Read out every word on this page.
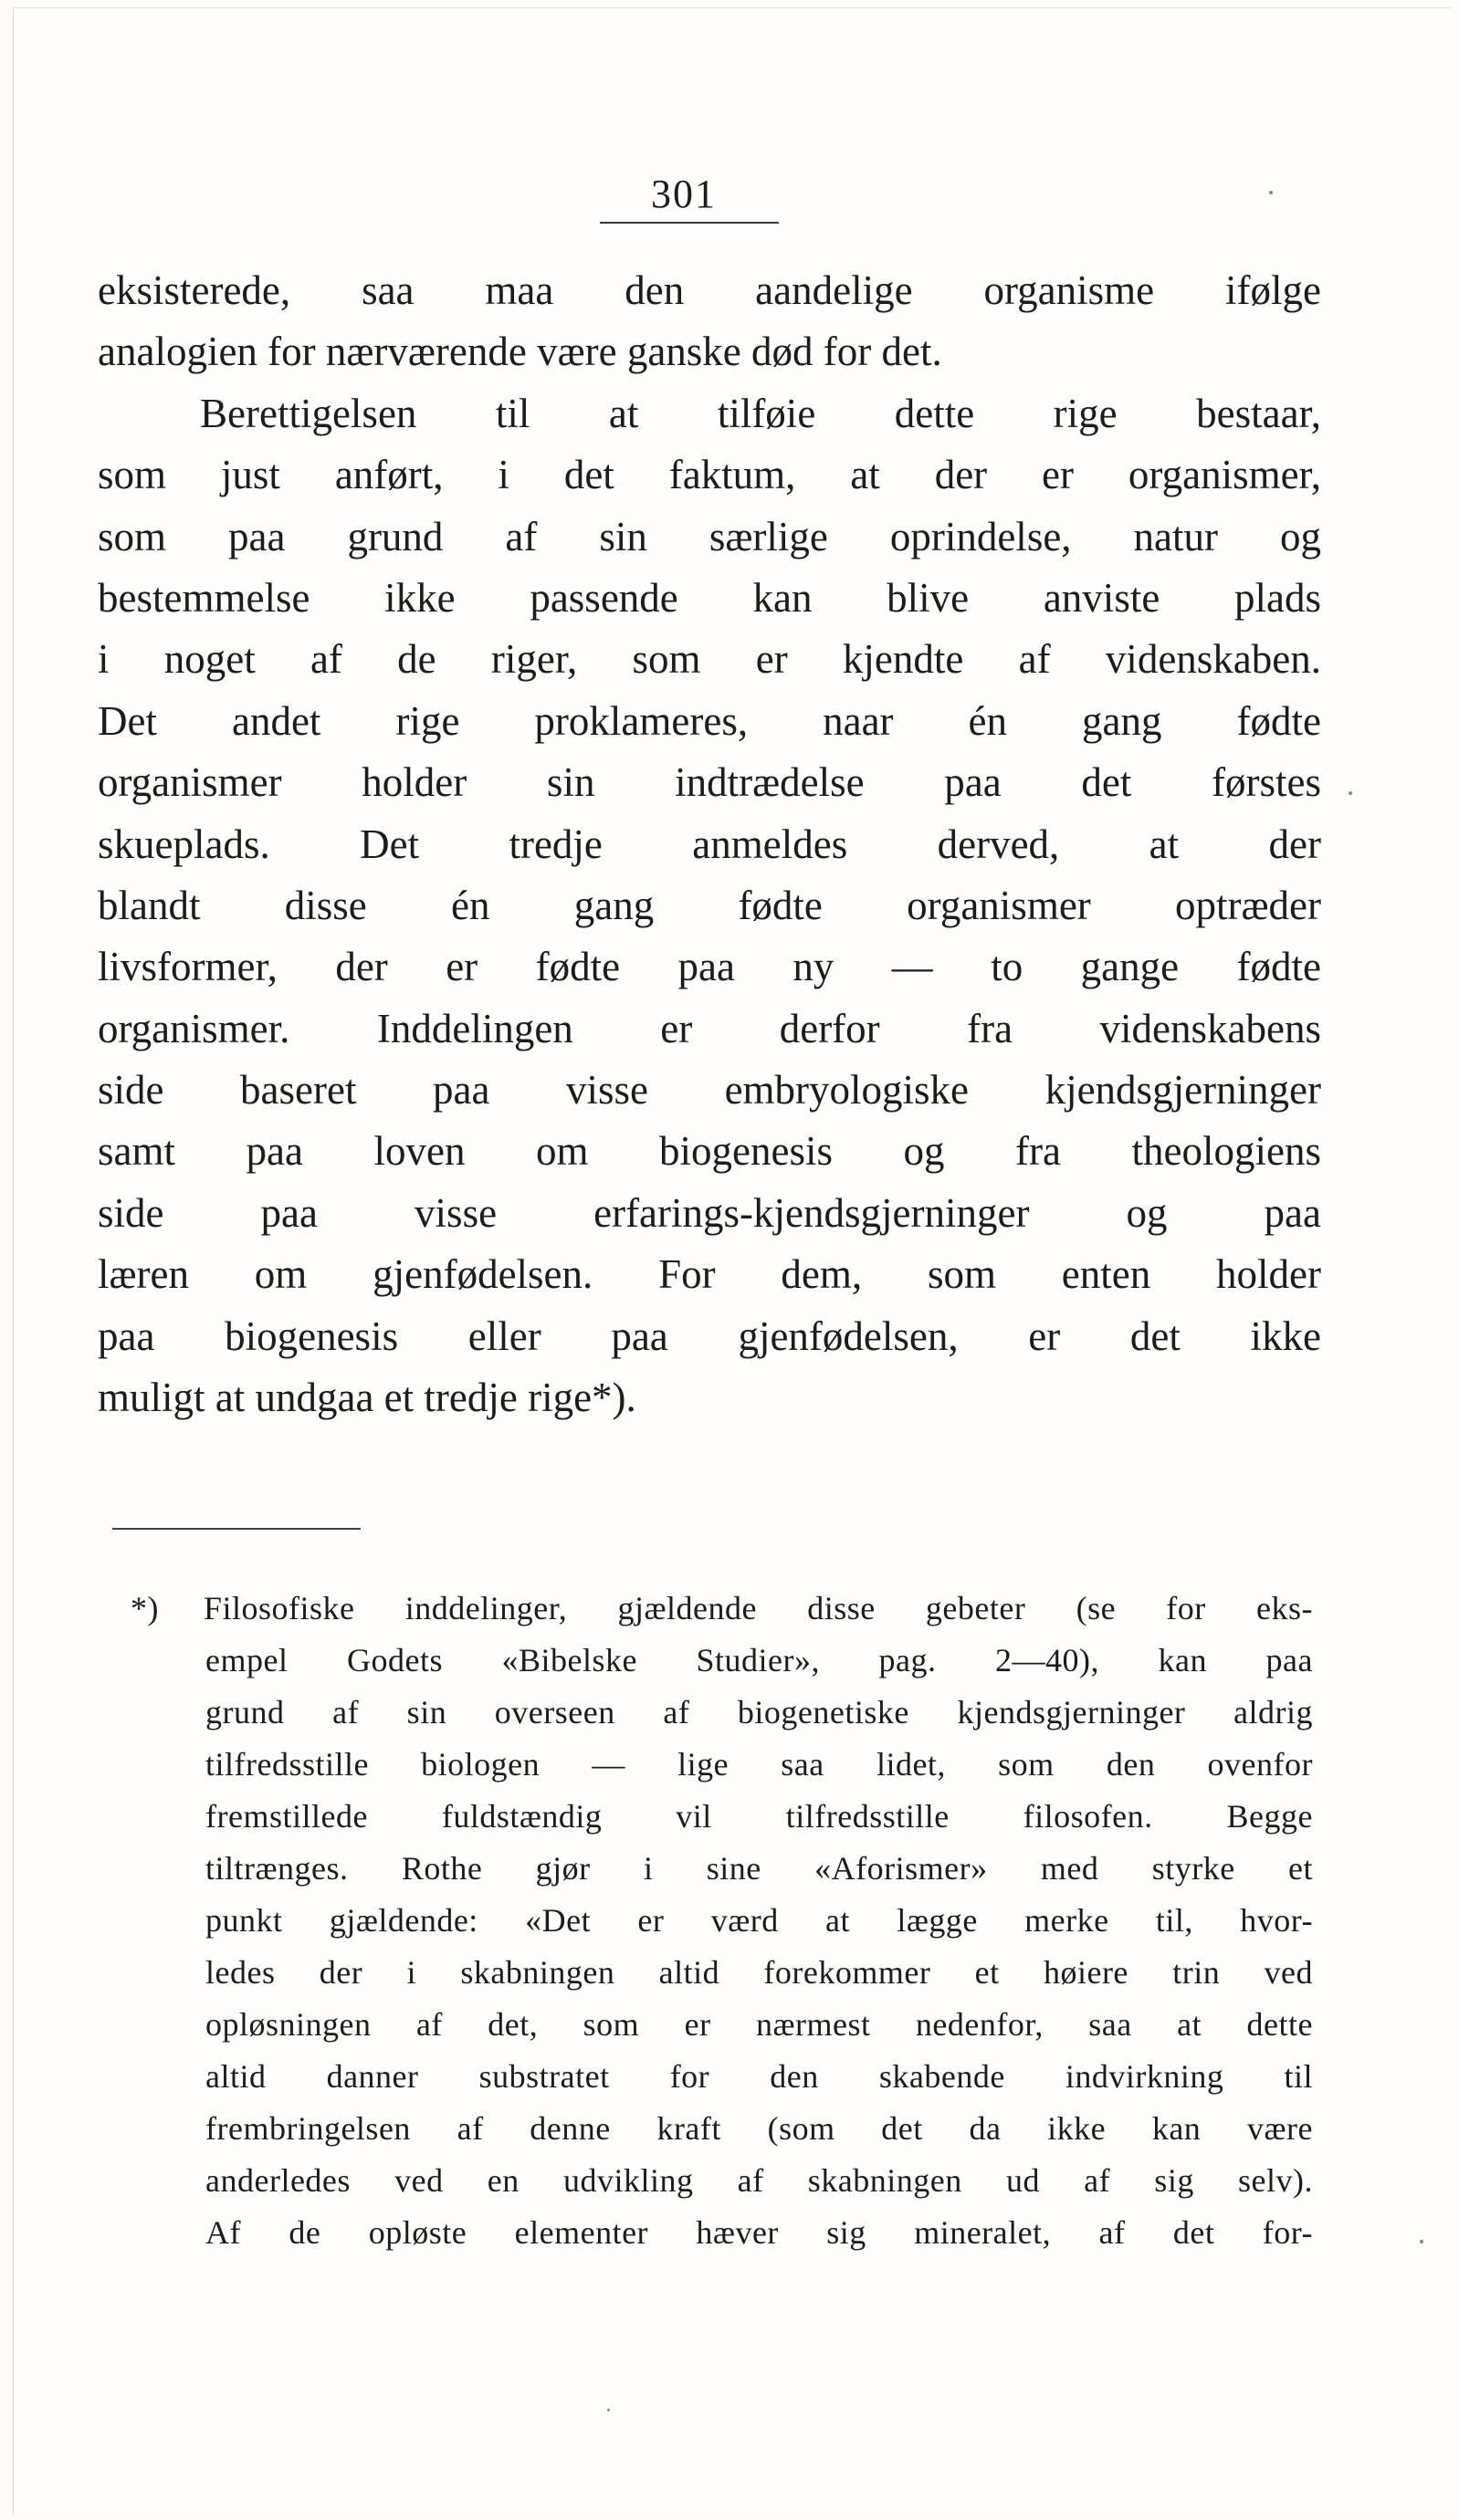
301
eksisterede, saa maa den aandelige organisme ifølge
analogien for nærværende være ganske død for det.
Berettigelsen til at tilføie dette rige bestaar,
som just anført, i det faktum, at der er organismer,
som paa grund af sin særlige oprindelse, natur og
bestemmelse ikke passende kan blive anviste plads
i noget af de riger, som er kjendte af videnskaben.
Det andet rige proklameres, naar én gang fødte
organismer holder sin indtrædelse paa det førstes
skueplads. Det tredje anmeldes derved, at der
blandt disse én gang fødte organismer optræder
livsformer, der er fødte paa ny — to gange fødte
organismer. Inddelingen er derfor fra videnskabens
side baseret paa visse embryologiske kjendsgjerninger
samt paa loven om biogenesis og fra theologiens
side paa visse erfarings-kjendsgjerninger og paa
læren om gjenfødelsen. For dem, som enten holder
paa biogenesis eller paa gjenfødelsen, er det ikke
muligt at undgaa et tredje rige*).
*) Filosofiske inddelinger, gjældende disse gebeter (se for eks-
empel Godets «Bibelske Studier», pag. 2—40), kan paa
grund af sin overseen af biogenetiske kjendsgjerninger aldrig
tilfredsstille biologen — lige saa lidet, som den ovenfor
fremstillede fuldstændig vil tilfredsstille filosofen. Begge
tiltrænges. Rothe gjør i sine «Aforismer» med styrke et
punkt gjældende: «Det er værd at lægge merke til, hvor-
ledes der i skabningen altid forekommer et høiere trin ved
opløsningen af det, som er nærmest nedenfor, saa at dette
altid danner substratet for den skabende indvirkning til
frembringelsen af denne kraft (som det da ikke kan være
anderledes ved en udvikling af skabningen ud af sig selv).
Af de opløste elementer hæver sig mineralet, af det for-
